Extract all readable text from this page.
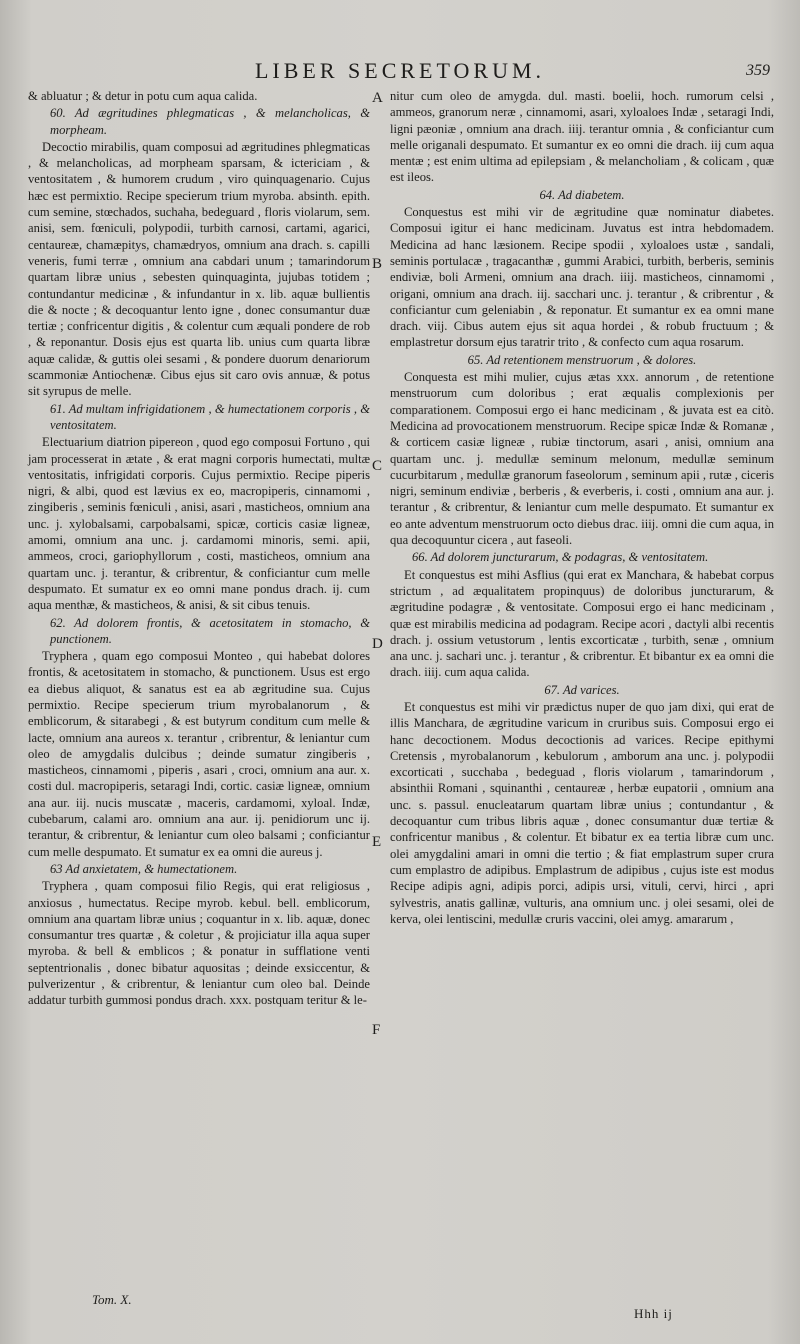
LIBER SECRETORUM.	359

& abluatur ; & detur in potu cum aqua calida.

60. Ad ægritudines phlegmaticas , & melancholicas, & morpheam.

Decoctio mirabilis, quam composui ad ægritudines phlegmaticas , & melancholicas, ad morpheam sparsam, & ictericiam , & ventositatem , & humorem crudum , viro quinquagenario. Cujus hæc est permixtio. Recipe specierum trium myroba. absinth. epith. cum semine, stœchados, suchaha, bedeguard , floris violarum, sem. anisi, sem. fœniculi, polypodii, turbith carnosi, cartami, agarici, centaureæ, chamæpitys, chamædryos, omnium ana drach. s. capilli veneris, fumi terræ , omnium ana cabdari unum ; tamarindorum quartam libræ unius , sebesten quinquaginta, jujubas totidem ; contundantur medicinæ , & infundantur in x. lib. aquæ bullientis die & nocte ; & decoquantur lento igne , donec consumantur duæ tertiæ ; confricentur digitis , & colentur cum æquali pondere de rob , & reponantur. Dosis ejus est quarta lib. unius cum quarta libræ aquæ calidæ, & guttis olei sesami , & pondere duorum denariorum scammoniæ Antiochenæ. Cibus ejus sit caro ovis annuæ, & potus sit syrupus de melle.

61. Ad multam infrigidationem , & humectationem corporis , & ventositatem.

Electuarium diatrion pipereon , quod ego composui Fortuno , qui jam processerat in ætate , & erat magni corporis humectati, multæ ventositatis, infrigidati corporis. Cujus permixtio. Recipe piperis nigri, & albi, quod est lævius ex eo, macropiperis, cinnamomi , zingiberis , seminis fœniculi , anisi, asari , masticheos, omnium ana unc. j. xylobalsami, carpobalsami, spicæ, corticis casiæ ligneæ, amomi, omnium ana unc. j. cardamomi minoris, semi. apii, ammeos, croci, gariophyllorum , costi, masticheos, omnium ana quartam unc. j. terantur, & cribrentur, & conficiantur cum melle despumato. Et sumatur ex eo omni mane pondus drach. ij. cum aqua menthæ, & masticheos, & anisi, & sit cibus tenuis.

62. Ad dolorem frontis, & acetositatem in stomacho, & punctionem.

Tryphera , quam ego composui Monteo , qui habebat dolores frontis, & acetositatem in stomacho, & punctionem. Usus est ergo ea diebus aliquot, & sanatus est ea ab ægritudine sua. Cujus permixtio. Recipe specierum trium myrobalanorum , & emblicorum, & sitarabegi , & est butyrum conditum cum melle & lacte, omnium ana aureos x. terantur , cribrentur, & leniantur cum oleo de amygdalis dulcibus ; deinde sumatur zingiberis , masticheos, cinnamomi , piperis , asari , croci, omnium ana aur. x. costi dul. macropiperis, setaragi Indi, cortic. casiæ ligneæ, omnium ana aur. iij. nucis muscatæ , maceris, cardamomi, xyloal. Indæ, cubebarum, calami aro. omnium ana aur. ij. penidiorum unc ij. terantur, & cribrentur, & leniantur cum oleo balsami ; conficiantur cum melle despumato. Et sumatur ex ea omni die aureus j.

63 Ad anxietatem, & humectationem.

Tryphera , quam composui filio Regis, qui erat religiosus , anxiosus , humectatus. Recipe myrob. kebul. bell. emblicorum, omnium ana quartam libræ unius ; coquantur in x. lib. aquæ, donec consumantur tres quartæ , & coletur , & projiciatur illa aqua super myroba. & bell & emblicos ; & ponatur in sufflatione venti septentrionalis , donec bibatur aquositas ; deinde exsiccentur, & pulverizentur , & cribrentur, & leniantur cum oleo bal. Deinde addatur turbith gummosi pondus drach. xxx. postquam teritur & le-

nitur cum oleo de amygda. dul. masti. boelii, hoch. rumorum celsi , ammeos, granorum neræ , cinnamomi, asari, xyloaloes Indæ , setaragi Indi, ligni pæoniæ , omnium ana drach. iiij. terantur omnia , & conficiantur cum melle origanali despumato. Et sumantur ex eo omni die drach. iij cum aqua mentæ ; est enim ultima ad epilepsiam , & melancholiam , & colicam , quæ est ileos.

64. Ad diabetem.

Conquestus est mihi vir de ægritudine quæ nominatur diabetes. Composui igitur ei hanc medicinam. Juvatus est intra hebdomadem. Medicina ad hanc læsionem. Recipe spodii , xyloaloes ustæ , sandali, seminis portulacæ , tragacanthæ , gummi Arabici, turbith, berberis, seminis endiviæ, boli Armeni, omnium ana drach. iiij. masticheos, cinnamomi , origani, omnium ana drach. iij. sacchari unc. j. terantur , & cribrentur , & conficiantur cum geleniabin , & reponatur. Et sumantur ex ea omni mane drach. viij. Cibus autem ejus sit aqua hordei , & robub fructuum ; & emplastretur dorsum ejus taratrir trito , & confecto cum aqua rosarum.

65. Ad retentionem menstruorum , & dolores.

Conquesta est mihi mulier, cujus ætas xxx. annorum , de retentione menstruorum cum doloribus ; erat æqualis complexionis per comparationem. Composui ergo ei hanc medicinam , & juvata est ea citò. Medicina ad provocationem menstruorum. Recipe spicæ Indæ & Romanæ , & corticem casiæ ligneæ , rubiæ tinctorum, asari , anisi, omnium ana quartam unc. j. medullæ seminum melonum, medullæ seminum cucurbitarum , medullæ granorum faseolorum , seminum apii , rutæ , ciceris nigri, seminum endiviæ , berberis , & everberis, i. costi , omnium ana aur. j. terantur , & cribrentur, & leniantur cum melle despumato. Et sumantur ex eo ante adventum menstruorum octo diebus drac. iiij. omni die cum aqua, in qua decoquuntur cicera , aut faseoli.

66. Ad dolorem juncturarum, & podagras, & ventositatem.

Et conquestus est mihi Asflius (qui erat ex Manchara, & habebat corpus strictum , ad æqualitatem propinquus) de doloribus juncturarum, & ægritudine podagræ , & ventositate. Composui ergo ei hanc medicinam , quæ est mirabilis medicina ad podagram. Recipe acori , dactyli albi recentis drach. j. ossium vetustorum , lentis excorticatæ , turbith, senæ , omnium ana unc. j. sachari unc. j. terantur , & cribrentur. Et bibantur ex ea omni die drach. iiij. cum aqua calida.

67. Ad varices.

Et conquestus est mihi vir prædictus nuper de quo jam dixi, qui erat de illis Manchara, de ægritudine varicum in cruribus suis. Composui ergo ei hanc decoctionem. Modus decoctionis ad varices. Recipe epithymi Cretensis , myrobalanorum , kebulorum , amborum ana unc. j. polypodii excorticati , succhaba , bedeguad , floris violarum , tamarindorum , absinthii Romani , squinanthi , centaureæ , herbæ eupatorii , omnium ana unc. s. passul. enucleatarum quartam libræ unius ; contundantur , & decoquantur cum tribus libris aquæ , donec consumantur duæ tertiæ & confricentur manibus , & colentur. Et bibatur ex ea tertia libræ cum unc. olei amygdalini amari in omni die tertio ; & fiat emplastrum super crura cum emplastro de adipibus. Emplastrum de adipibus , cujus iste est modus Recipe adipis agni, adipis porci, adipis ursi, vituli, cervi, hirci , apri sylvestris, anatis gallinæ, vulturis, ana omnium unc. j olei sesami, olei de kerva, olei lentiscini, medullæ cruris vaccini, olei amyg. amararum ,

A
B
C
D
E
F
Tom. X.
Hhh ij
